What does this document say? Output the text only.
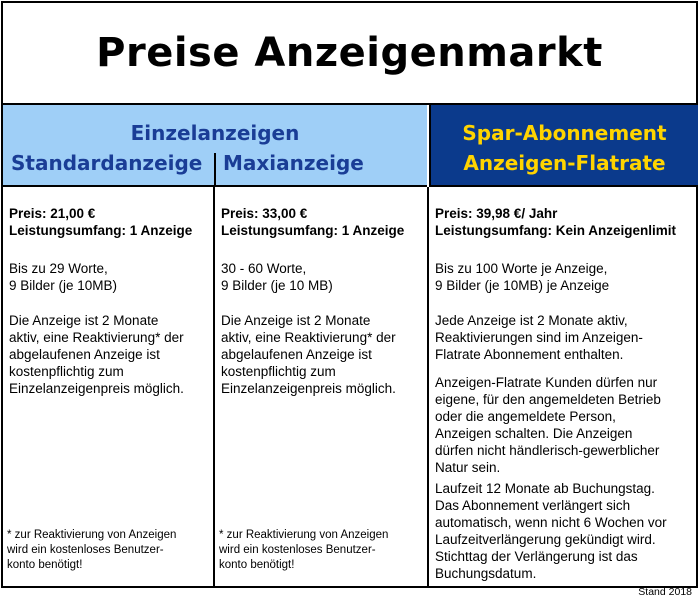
Preise Anzeigenmarkt
Einzelanzeigen
Standardanzeige Maxianzeige
Spar-Abonnement
Anzeigen-Flatrate
Preis: 21,00 €
Leistungsumfang: 1 Anzeige
Bis zu 29 Worte,
9 Bilder (je 10MB)
Die Anzeige ist 2 Monate
aktiv, eine Reaktivierung* der
abgelaufenen Anzeige ist
kostenpflichtig zum
Einzelanzeigenpreis möglich.
* zur Reaktivierung von Anzeigen
wird ein kostenloses Benutzer-
konto benötigt!
Preis: 33,00 €
Leistungsumfang: 1 Anzeige
30 - 60 Worte,
9 Bilder (je 10 MB)
Die Anzeige ist 2 Monate
aktiv, eine Reaktivierung* der
abgelaufenen Anzeige ist
kostenpflichtig zum
Einzelanzeigenpreis möglich.
* zur Reaktivierung von Anzeigen
wird ein kostenloses Benutzer-
konto benötigt!
Preis: 39,98 €/ Jahr
Leistungsumfang: Kein Anzeigenlimit
Bis zu 100 Worte je Anzeige,
9 Bilder (je 10MB) je Anzeige
Jede Anzeige ist 2 Monate aktiv,
Reaktivierungen sind im Anzeigen-
Flatrate Abonnement enthalten.
Anzeigen-Flatrate Kunden dürfen nur
eigene, für den angemeldeten Betrieb
oder die angemeldete Person,
Anzeigen schalten. Die Anzeigen
dürfen nicht händlerisch-gewerblicher
Natur sein.
Laufzeit 12 Monate ab Buchungstag.
Das Abonnement verlängert sich
automatisch, wenn nicht 6 Wochen vor
Laufzeitverlängerung gekündigt wird.
Stichttag der Verlängerung ist das
Buchungsdatum.
Stand 2018
